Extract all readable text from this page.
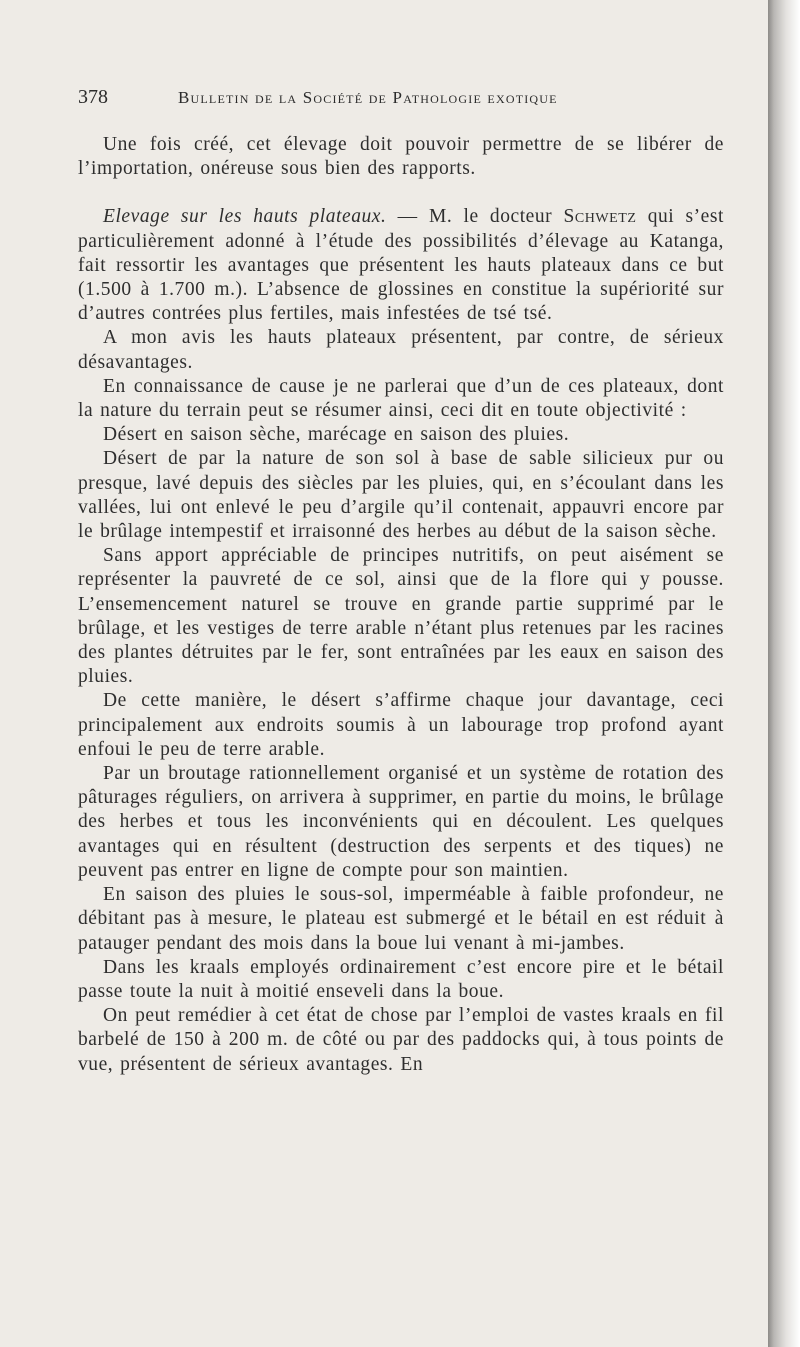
378	Bulletin de la Société de Pathologie exotique

Une fois créé, cet élevage doit pouvoir permettre de se libérer de l’importation, onéreuse sous bien des rapports.

Elevage sur les hauts plateaux. — M. le docteur Schwetz qui s’est particulièrement adonné à l’étude des possibilités d’élevage au Katanga, fait ressortir les avantages que présentent les hauts plateaux dans ce but (1.500 à 1.700 m.). L’absence de glossines en constitue la supériorité sur d’autres contrées plus fertiles, mais infestées de tsé tsé.

A mon avis les hauts plateaux présentent, par contre, de sérieux désavantages.

En connaissance de cause je ne parlerai que d’un de ces plateaux, dont la nature du terrain peut se résumer ainsi, ceci dit en toute objectivité :

Désert en saison sèche, marécage en saison des pluies.

Désert de par la nature de son sol à base de sable silicieux pur ou presque, lavé depuis des siècles par les pluies, qui, en s’écoulant dans les vallées, lui ont enlevé le peu d’argile qu’il contenait, appauvri encore par le brûlage intempestif et irraisonné des herbes au début de la saison sèche.

Sans apport appréciable de principes nutritifs, on peut aisément se représenter la pauvreté de ce sol, ainsi que de la flore qui y pousse. L’ensemencement naturel se trouve en grande partie supprimé par le brûlage, et les vestiges de terre arable n’étant plus retenues par les racines des plantes détruites par le fer, sont entraînées par les eaux en saison des pluies.

De cette manière, le désert s’affirme chaque jour davantage, ceci principalement aux endroits soumis à un labourage trop profond ayant enfoui le peu de terre arable.

Par un broutage rationnellement organisé et un système de rotation des pâturages réguliers, on arrivera à supprimer, en partie du moins, le brûlage des herbes et tous les inconvénients qui en découlent. Les quelques avantages qui en résultent (destruction des serpents et des tiques) ne peuvent pas entrer en ligne de compte pour son maintien.

En saison des pluies le sous-sol, imperméable à faible profondeur, ne débitant pas à mesure, le plateau est submergé et le bétail en est réduit à patauger pendant des mois dans la boue lui venant à mi-jambes.

Dans les kraals employés ordinairement c’est encore pire et le bétail passe toute la nuit à moitié enseveli dans la boue.

On peut remédier à cet état de chose par l’emploi de vastes kraals en fil barbelé de 150 à 200 m. de côté ou par des paddocks qui, à tous points de vue, présentent de sérieux avantages. En
